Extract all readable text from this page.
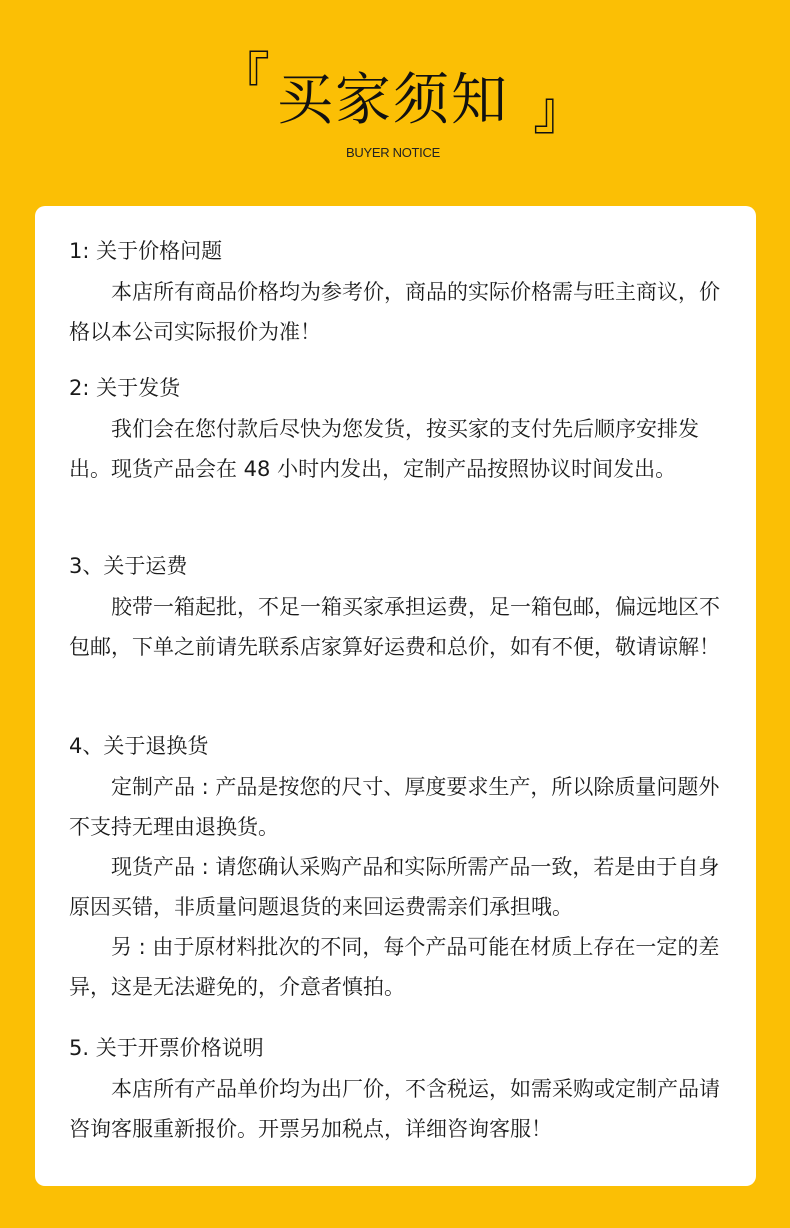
『 买家须知 』
BUYER NOTICE
1: 关于价格问题

本店所有商品价格均为参考价，商品的实际价格需与旺主商议，价格以本公司实际报价为准！

2: 关于发货

我们会在您付款后尽快为您发货，按买家的支付先后顺序安排发出。现货产品会在 48 小时内发出，定制产品按照协议时间发出。

3、关于运费

胶带一箱起批，不足一箱买家承担运费，足一箱包邮，偏远地区不包邮，下单之前请先联系店家算好运费和总价，如有不便，敬请谅解！

4、关于退换货

定制产品 : 产品是按您的尺寸、厚度要求生产，所以除质量问题外不支持无理由退换货。

现货产品 : 请您确认采购产品和实际所需产品一致，若是由于自身原因买错，非质量问题退货的来回运费需亲们承担哦。

另 : 由于原材料批次的不同，每个产品可能在材质上存在一定的差异，这是无法避免的，介意者慎拍。

5. 关于开票价格说明

本店所有产品单价均为出厂价，不含税运，如需采购或定制产品请咨询客服重新报价。开票另加税点，详细咨询客服！
